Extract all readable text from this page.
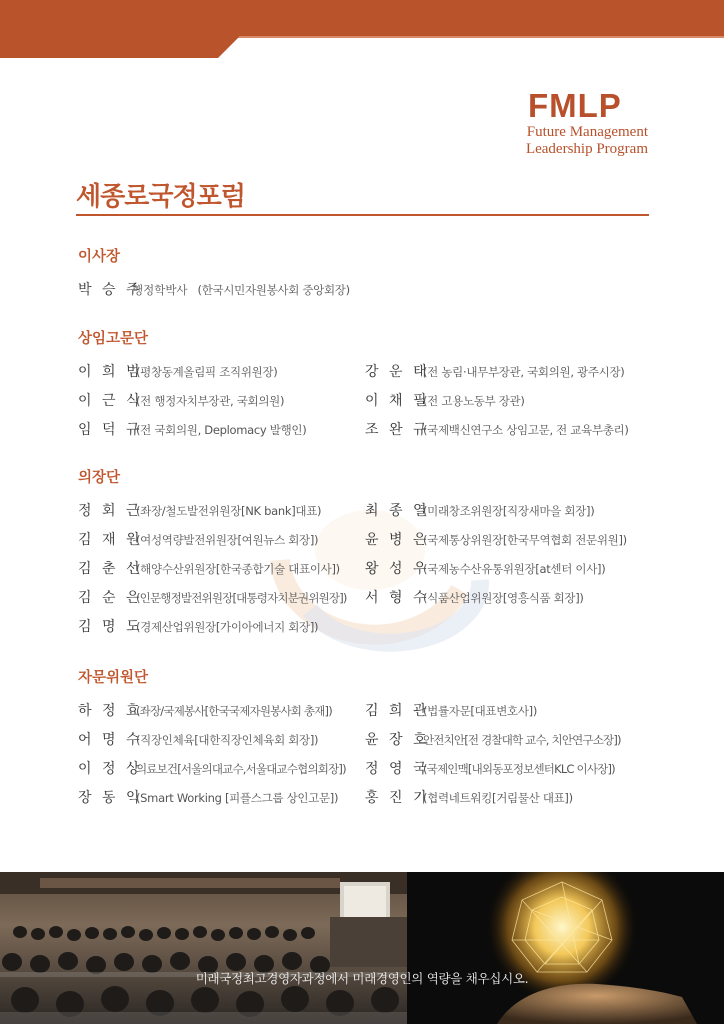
FMLP
Future Management
Leadership Program
세종로국정포럼
이사장
박 승 주행정학박사 (한국시민자원봉사회 중앙회장)
상임고문단
이 희 범(평창동계올림픽 조직위원장)	강 운 태(전 농림·내무부장관, 국회의원, 광주시장)
이 근 식(전 행정자치부장관, 국회의원)	이 채 필(전 고용노동부 장관)
임 덕 규(전 국회의원, Deplomacy 발행인)	조 완 규(국제백신연구소 상임고문, 전 교육부총리)
의장단
정 회 근(좌장/철도발전위원장[NK bank]대표)	최 종 열(미래창조위원장[직장새마을 회장])
김 재 원(여성역량발전위원장[여원뉴스 회장])	윤 병 은(국제통상위원장[한국무역협회 전문위원])
김 춘 선(해양수산위원장[한국종합기술 대표이사]) 왕 성 우(국제농수산유통위원장[at센터 이사])
김 순 은(인문행정발전위원장[대통령자치분권위원장]) 서 형 수(식품산업위원장[영흥식품 회장])
김 명 도(경제산업위원장[가이아에너지 회장])
자문위원단
하 정 효(좌장/국제봉사[한국국제자원봉사회 총재]) 김 희 관(법률자문[대표변호사])
어 명 수(직장인체육[대한직장인체육회 회장])	윤 장 호안전치안[전 경찰대학 교수, 치안연구소장])
이 정 상의료보건[서울의대교수,서울대교수협의회장]) 정 영 국(국제인맥[내외동포정보센터KLC 이사장])
장 동 익(Smart Working [피플스그룹 상인고문]) 홍 진 기(협력네트워킹[거림물산 대표])
미래국정최고경영자과정에서 미래경영인의 역량을 채우십시오.
